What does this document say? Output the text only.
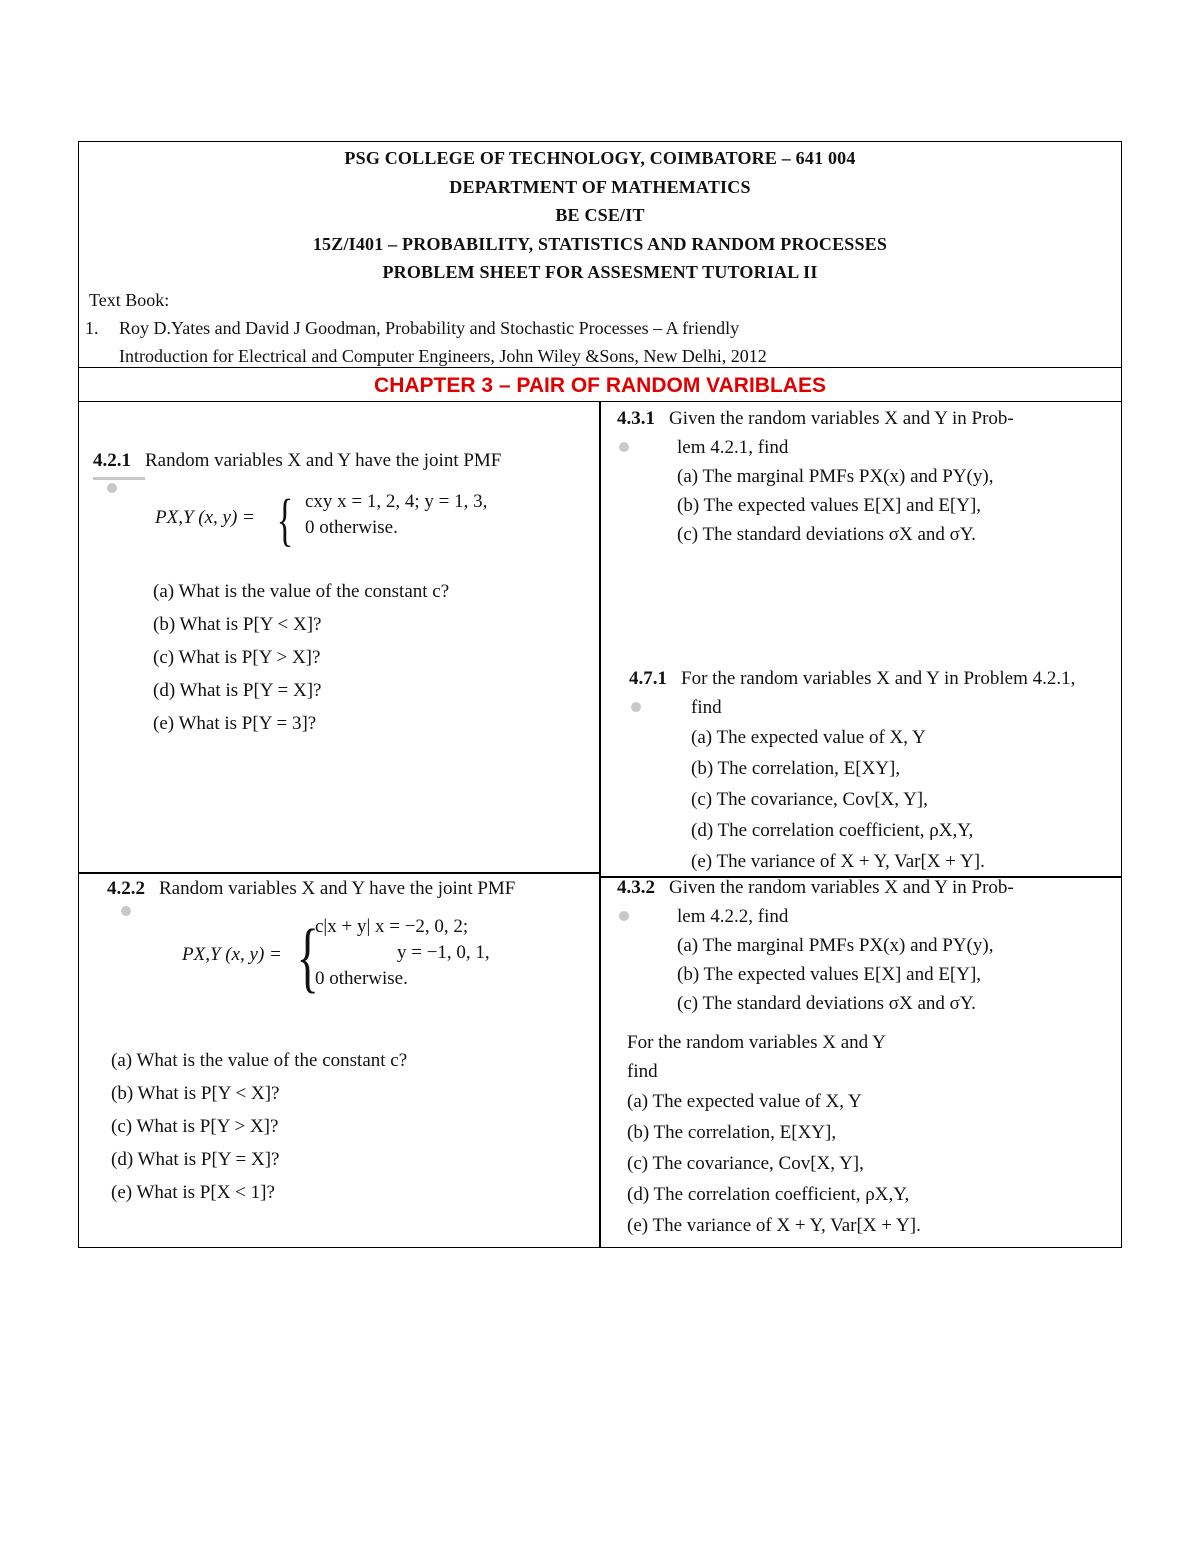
PSG COLLEGE OF TECHNOLOGY, COIMBATORE – 641 004
DEPARTMENT OF MATHEMATICS
BE CSE/IT
15Z/I401 – PROBABILITY, STATISTICS AND RANDOM PROCESSES
PROBLEM SHEET FOR ASSESMENT TUTORIAL II
Text Book:
1. Roy D.Yates and David J Goodman, Probability and Stochastic Processes – A friendly
Introduction for Electrical and Computer Engineers, John Wiley &Sons, New Delhi, 2012
CHAPTER 3 – PAIR OF RANDOM VARIBLAES
4.2.1 Random variables X and Y have the joint PMF
PX,Y (x, y) = { cxy x = 1, 2, 4; y = 1, 3,
0 otherwise.
(a) What is the value of the constant c?
(b) What is P[Y < X]?
(c) What is P[Y > X]?
(d) What is P[Y = X]?
(e) What is P[Y = 3]?
4.3.1 Given the random variables X and Y in Prob-
lem 4.2.1, find
(a) The marginal PMFs PX(x) and PY(y),
(b) The expected values E[X] and E[Y],
(c) The standard deviations σX and σY.
4.7.1 For the random variables X and Y in Problem 4.2.1,
find
(a) The expected value of X, Y
(b) The correlation, E[XY],
(c) The covariance, Cov[X, Y],
(d) The correlation coefficient, ρX,Y,
(e) The variance of X + Y, Var[X + Y].
4.2.2 Random variables X and Y have the joint PMF
PX,Y (x, y) = {
c|x + y| x = −2, 0, 2;
y = −1, 0, 1,
0 otherwise.
(a) What is the value of the constant c?
(b) What is P[Y < X]?
(c) What is P[Y > X]?
(d) What is P[Y = X]?
(e) What is P[X < 1]?
4.3.2 Given the random variables X and Y in Prob-
lem 4.2.2, find
(a) The marginal PMFs PX(x) and PY(y),
(b) The expected values E[X] and E[Y],
(c) The standard deviations σX and σY.
For the random variables X and Y
find
(a) The expected value of X, Y
(b) The correlation, E[XY],
(c) The covariance, Cov[X, Y],
(d) The correlation coefficient, ρX,Y,
(e) The variance of X + Y, Var[X + Y].
